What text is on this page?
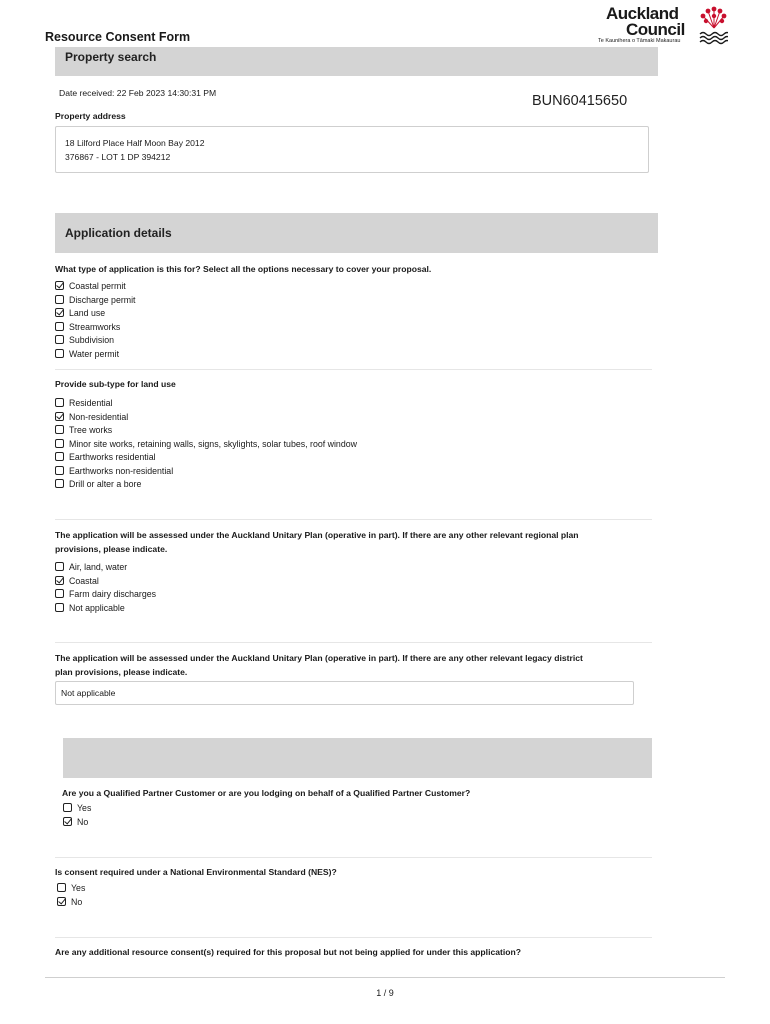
Resource Consent Form
Auckland
Council
Te Kaunihera o Tāmaki Makaurau
Property search
Date received: 22 Feb 2023 14:30:31 PM	BUN60415650
Property address
18 Lilford Place Half Moon Bay 2012
376867 - LOT 1 DP 394212
Application details
What type of application is this for? Select all the options necessary to cover your proposal.
Coastal permit
Discharge permit
Land use
Streamworks
Subdivision
Water permit
Provide sub-type for land use
Residential
Non-residential
Tree works
Minor site works, retaining walls, signs, skylights, solar tubes, roof window
Earthworks residential
Earthworks non-residential
Drill or alter a bore
The application will be assessed under the Auckland Unitary Plan (operative in part). If there are any other relevant regional plan
provisions, please indicate.
Air, land, water
Coastal
Farm dairy discharges
Not applicable
The application will be assessed under the Auckland Unitary Plan (operative in part). If there are any other relevant legacy district
plan provisions, please indicate.
Not applicable
Are you a Qualified Partner Customer or are you lodging on behalf of a Qualified Partner Customer?
Yes
No
Is consent required under a National Environmental Standard (NES)?
Yes
No
Are any additional resource consent(s) required for this proposal but not being applied for under this application?
1 / 9
